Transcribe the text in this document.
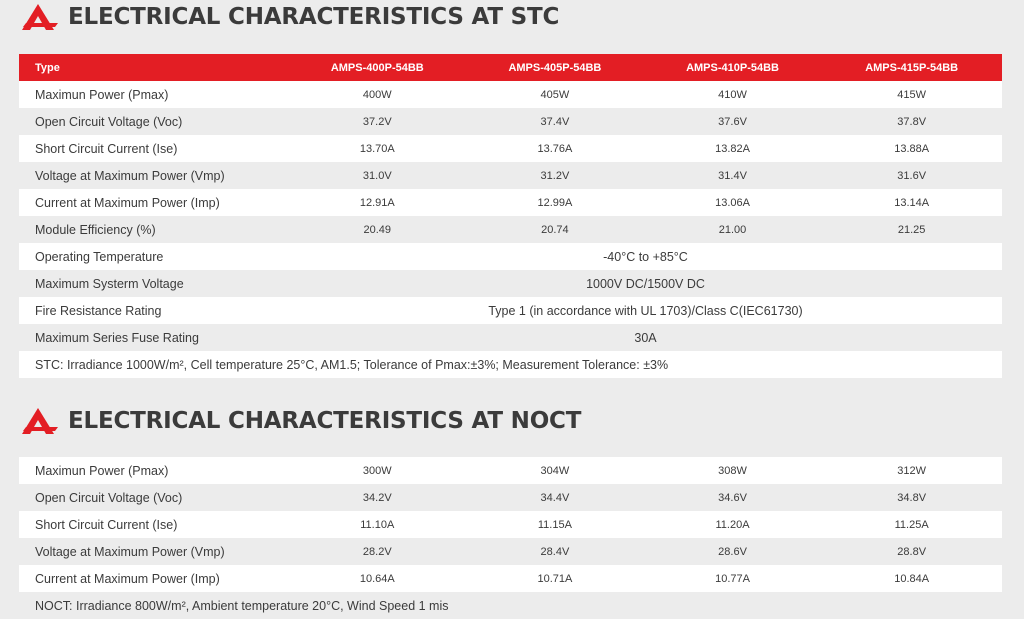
ELECTRICAL CHARACTERISTICS AT STC
Type	AMPS-400P-54BB	AMPS-405P-54BB	AMPS-410P-54BB	AMPS-415P-54BB
Maximun Power (Pmax)	400W	405W	410W	415W
Open Circuit Voltage (Voc)	37.2V	37.4V	37.6V	37.8V
Short Circuit Current (Ise)	13.70A	13.76A	13.82A	13.88A
Voltage at Maximum Power (Vmp)	31.0V	31.2V	31.4V	31.6V
Current at Maximum Power (Imp)	12.91A	12.99A	13.06A	13.14A
Module Efficiency (%)	20.49	20.74	21.00	21.25
Operating Temperature	-40°C to +85°C
Maximum Systerm Voltage	1000V DC/1500V DC
Fire Resistance Rating	Type 1 (in accordance with UL 1703)/Class C(IEC61730)
Maximum Series Fuse Rating	30A
STC: Irradiance 1000W/m², Cell temperature 25°C, AM1.5; Tolerance of Pmax:±3%; Measurement Tolerance: ±3%
ELECTRICAL CHARACTERISTICS AT NOCT
Maximun Power (Pmax)	300W	304W	308W	312W
Open Circuit Voltage (Voc)	34.2V	34.4V	34.6V	34.8V
Short Circuit Current (Ise)	11.10A	11.15A	11.20A	11.25A
Voltage at Maximum Power (Vmp)	28.2V	28.4V	28.6V	28.8V
Current at Maximum Power (Imp)	10.64A	10.71A	10.77A	10.84A
NOCT: Irradiance 800W/m², Ambient temperature 20°C, Wind Speed 1 mis
